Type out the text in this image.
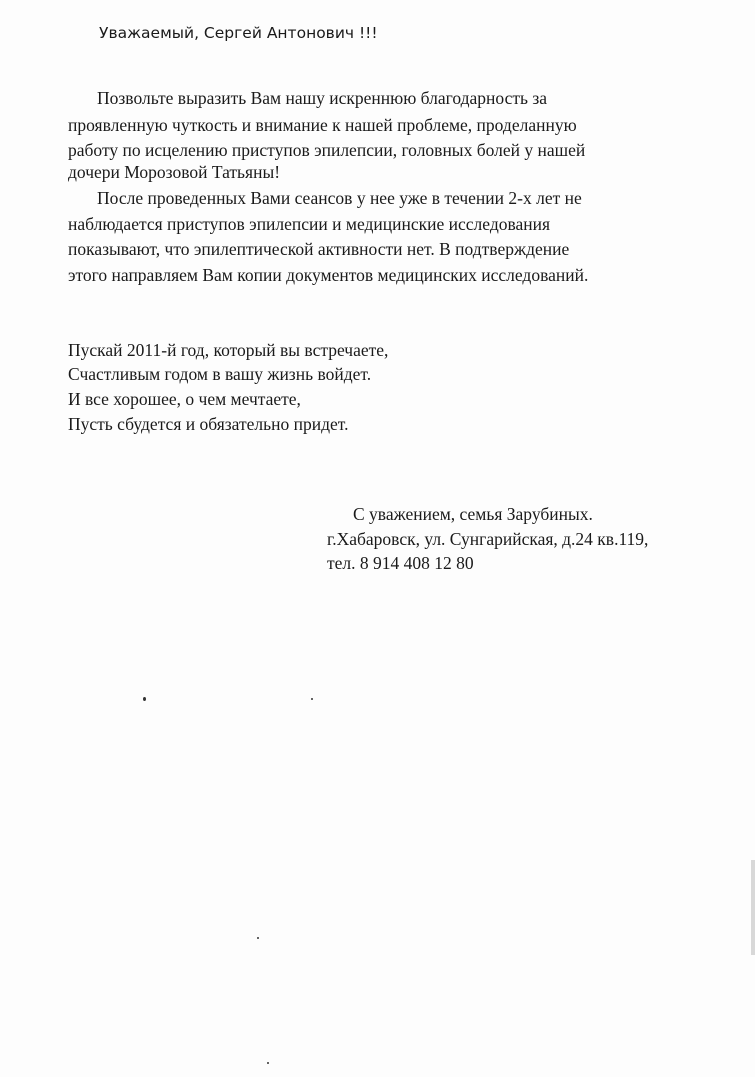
Уважаемый, Сергей Антонович !!!

Позвольте выразить Вам нашу искреннюю благодарность за

проявленную чуткость и внимание к нашей проблеме, проделанную

работу по исцелению приступов эпилепсии, головных болей у нашей

дочери Морозовой Татьяны!

После проведенных Вами сеансов у нее уже в течении 2-х лет не

наблюдается приступов эпилепсии и медицинские исследования

показывают, что эпилептической активности нет. В подтверждение

этого направляем Вам копии документов медицинских исследований.

Пускай 2011-й год, который вы встречаете,

Счастливым годом в вашу жизнь войдет.

И все хорошее, о чем мечтаете,

Пусть сбудется и обязательно придет.

С уважением, семья Зарубиных.

г.Хабаровск, ул. Сунгарийская, д.24 кв.119,

тел. 8 914 408 12 80
